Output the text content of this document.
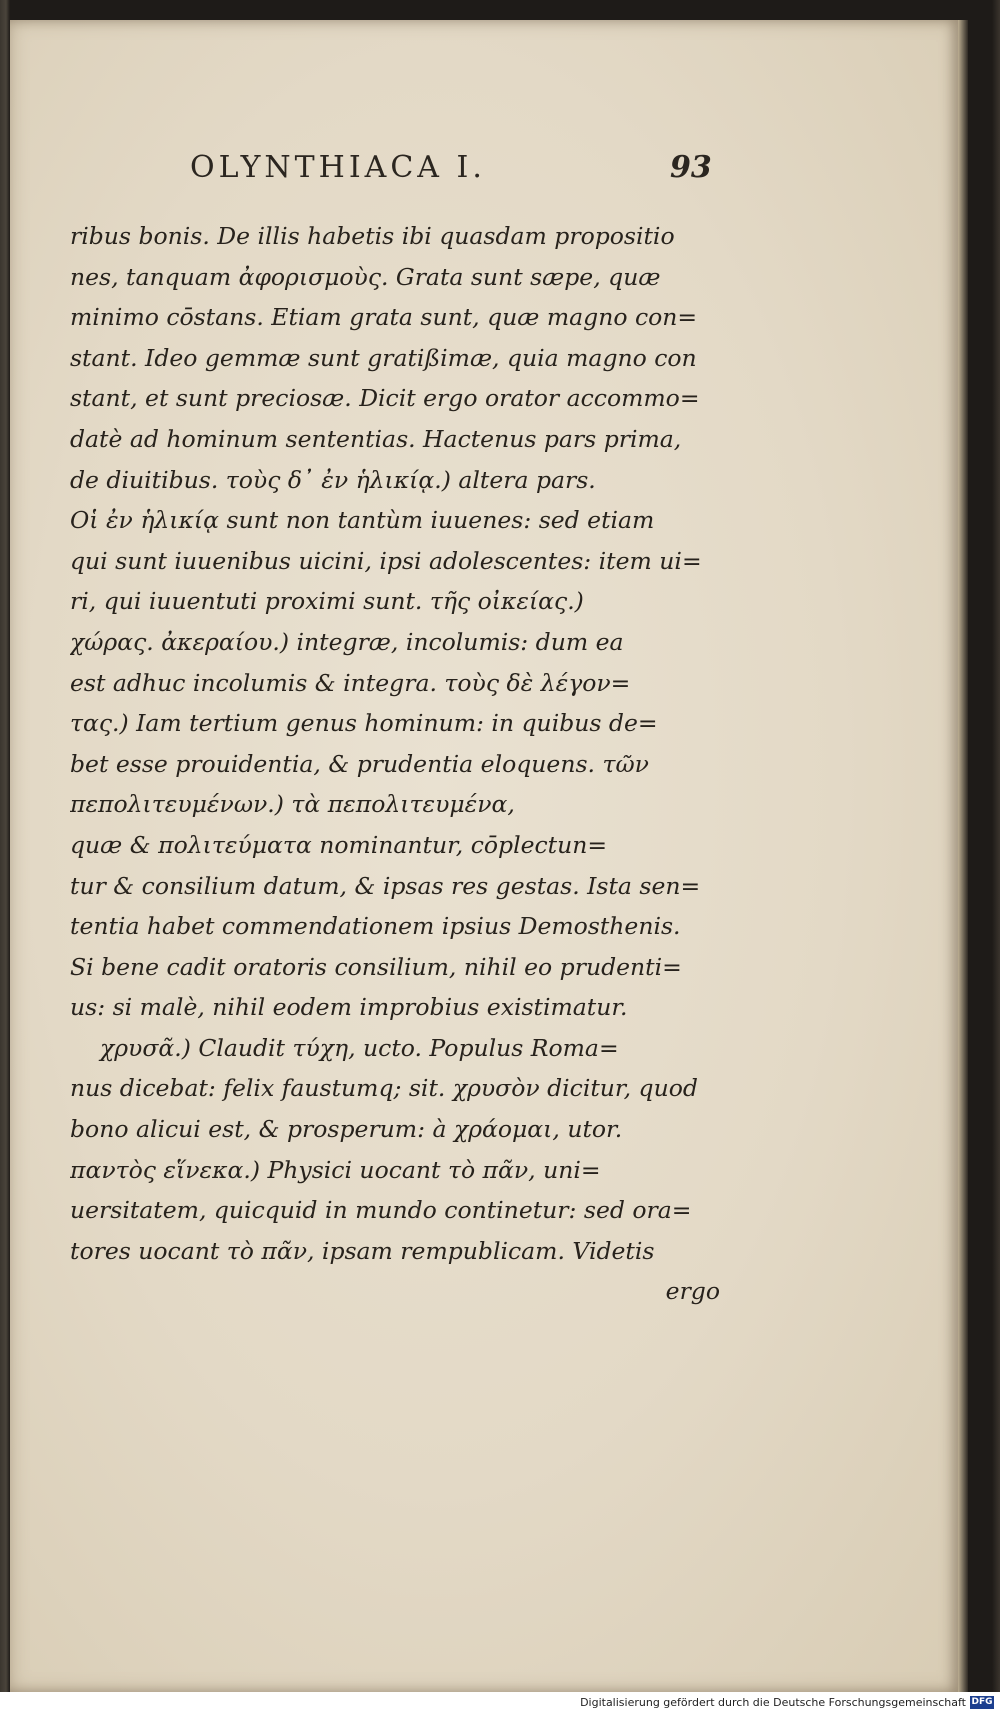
OLYNTHIACA I.	93
ribus bonis. De illis habetis ibi quasdam propositio
nes, tanquam ἀφορισμοὺς. Grata sunt sæpe, quæ
minimo cōstans. Etiam grata sunt, quæ magno con=
stant. Ideo gemmæ sunt gratißimæ, quia magno con
stant, et sunt preciosæ. Dicit ergo orator accommo=
datè ad hominum sententias. Hactenus pars prima,
de diuitibus. τοὺς δ᾽ ἐν ἡλικίᾳ.) altera pars.
Οἱ ἐν ἡλικίᾳ sunt non tantùm iuuenes: sed etiam
qui sunt iuuenibus uicini, ipsi adolescentes: item ui=
ri, qui iuuentuti proximi sunt. τῆς οἰκείας.)
χώρας. ἀκεραίου.) integræ, incolumis: dum ea
est adhuc incolumis & integra. τοὺς δὲ λέγον=
τας.) Iam tertium genus hominum: in quibus de=
bet esse prouidentia, & prudentia eloquens. τῶν
πεπολιτευμένων.) τὰ πεπολιτευμένα,
quæ & πολιτεύματα nominantur, cōplectun=
tur & consilium datum, & ipsas res gestas. Ista sen=
tentia habet commendationem ipsius Demosthenis.
Si bene cadit oratoris consilium, nihil eo prudenti=
us: si malè, nihil eodem improbius existimatur.
χρυσᾶ.) Claudit τύχη, ucto. Populus Roma=
nus dicebat: felix faustumq; sit. χρυσὸν dicitur, quod
bono alicui est, & prosperum: à χράομαι, utor.
παντὸς εἵνεκα.) Physici uocant τὸ πᾶν, uni=
uersitatem, quicquid in mundo continetur: sed ora=
tores uocant τὸ πᾶν, ipsam rempublicam. Videtis
ergo
Digitalisierung gefördert durch die Deutsche Forschungsgemeinschaft DFG
